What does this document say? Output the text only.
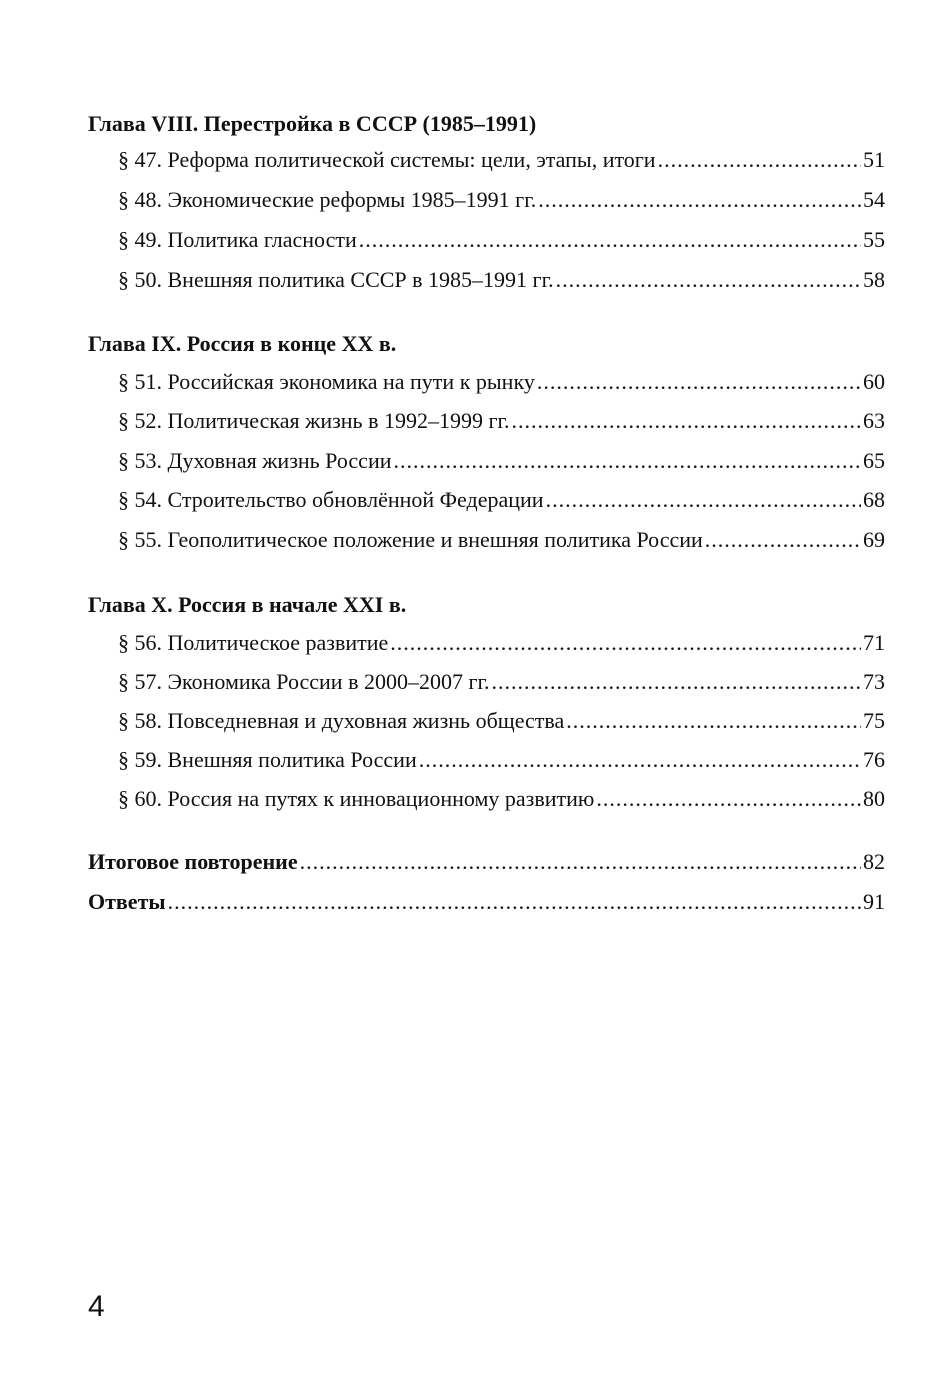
Глава VIII. Перестройка в СССР (1985–1991)
§ 47. Реформа политической системы: цели, этапы, итоги .....	51
§ 48. Экономические реформы 1985–1991 гг. .....	54
§ 49. Политика гласности .....	55
§ 50. Внешняя политика СССР в 1985–1991 гг. .....	58
Глава IX. Россия в конце XX в.
§ 51. Российская экономика на пути к рынку .....	60
§ 52. Политическая жизнь в 1992–1999 гг. .....	63
§ 53. Духовная жизнь России .....	65
§ 54. Строительство обновлённой Федерации .....	68
§ 55. Геополитическое положение и внешняя политика России .....	69
Глава X. Россия в начале XXI в.
§ 56. Политическое развитие .....	71
§ 57. Экономика России в 2000–2007 гг. .....	73
§ 58. Повседневная и духовная жизнь общества .....	75
§ 59. Внешняя политика России .....	76
§ 60. Россия на путях к инновационному развитию .....	80
Итоговое повторение .....	82
Ответы .....	91
4
